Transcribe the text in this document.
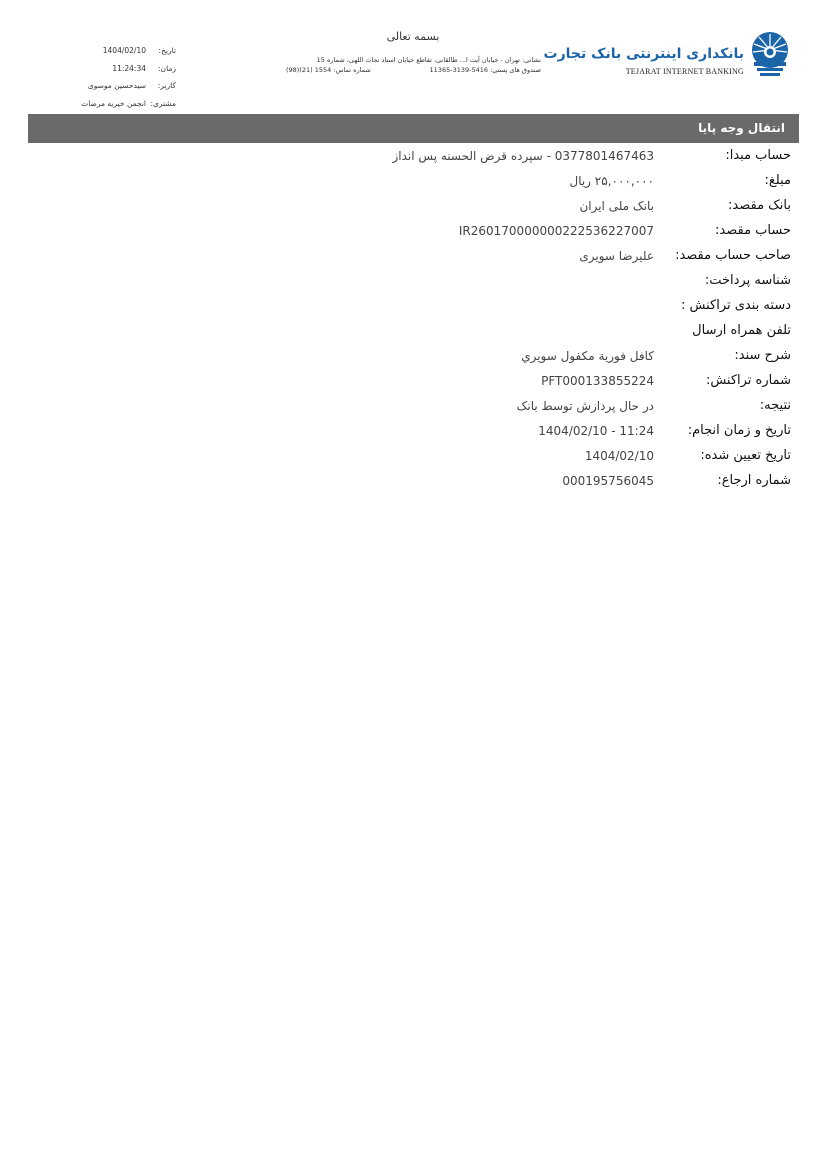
بانکداری اینترنتی بانک تجارت
TEJARAT INTERNET BANKING
بسمه تعالی
نشانی: تهران - خیابان آیت ا... طالقانی، تقاطع خیابان استاد نجات اللهی، شماره 15
صندوق های پستی: 5416-3139-11365
شماره تماس: (98)(21) 1554
تاریخ:
1404/02/10
زمان:
11:24:34
کاربر:
سیدحسین موسوی
مشتری:
انجمن خیریه مرضات
انتقال وجه پایا
حساب مبدا:
0377801467463 - سپرده قرض الحسنه پس انداز
مبلغ:
۲۵,۰۰۰,۰۰۰ ریال
بانک مقصد:
بانک ملی ایران
حساب مقصد:
IR260170000000222536227007
صاحب حساب مقصد:
علیرضا سویری
شناسه پرداخت:
دسته بندی تراکنش :
تلفن همراه ارسال
شرح سند:
کافل فوریة مکفول سویري
شماره تراکنش:
PFT000133855224
نتیجه:
در حال پردازش توسط بانک
تاریخ و زمان انجام:
1404/02/10 - 11:24
تاریخ تعیین شده:
1404/02/10
شماره ارجاع:
000195756045
